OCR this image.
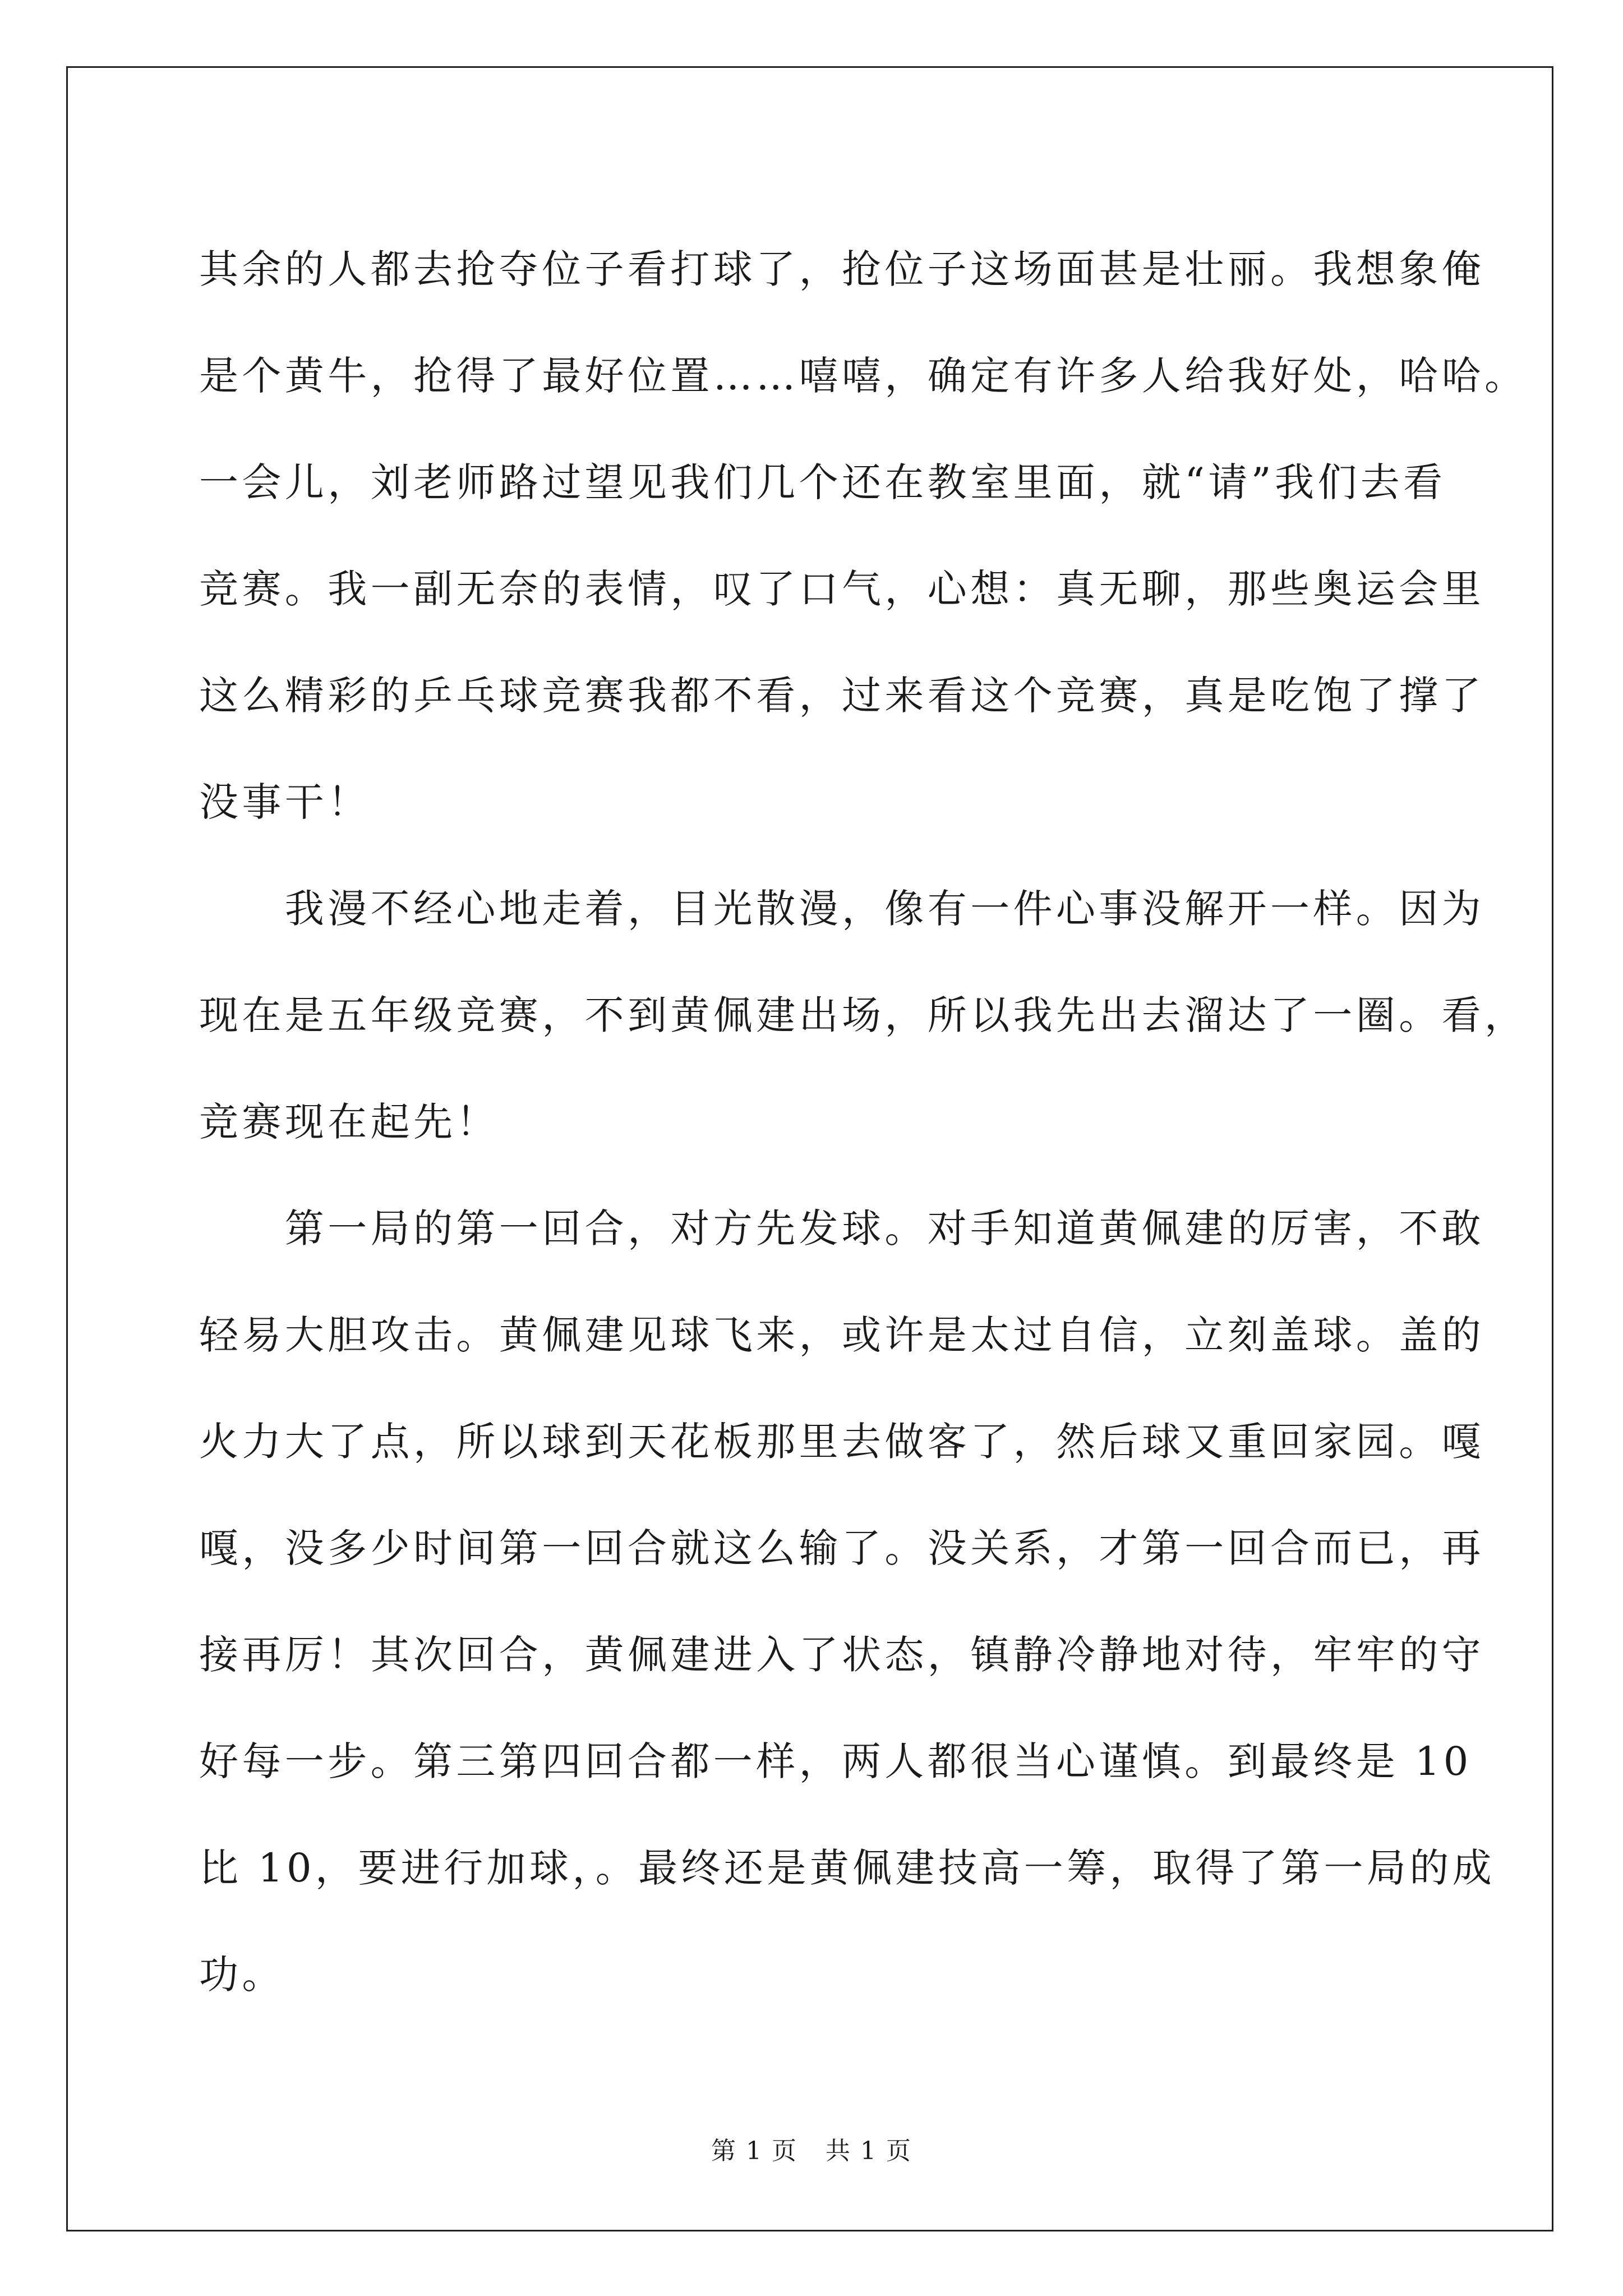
其余的人都去抢夺位子看打球了，抢位子这场面甚是壮丽。我想象俺
是个黄牛，抢得了最好位置……嘻嘻，确定有许多人给我好处，哈哈。
一会儿，刘老师路过望见我们几个还在教室里面，就“请”我们去看
竞赛。我一副无奈的表情，叹了口气，心想：真无聊，那些奥运会里
这么精彩的乒乓球竞赛我都不看，过来看这个竞赛，真是吃饱了撑了
没事干！

　　我漫不经心地走着，目光散漫，像有一件心事没解开一样。因为
现在是五年级竞赛，不到黄佩建出场，所以我先出去溜达了一圈。看，
竞赛现在起先！

　　第一局的第一回合，对方先发球。对手知道黄佩建的厉害，不敢
轻易大胆攻击。黄佩建见球飞来，或许是太过自信，立刻盖球。盖的
火力大了点，所以球到天花板那里去做客了，然后球又重回家园。嘎
嘎，没多少时间第一回合就这么输了。没关系，才第一回合而已，再
接再厉！其次回合，黄佩建进入了状态，镇静冷静地对待，牢牢的守
好每一步。第三第四回合都一样，两人都很当心谨慎。到最终是 10
比 10，要进行加球，。最终还是黄佩建技高一筹，取得了第一局的成
功。

第 1 页 共 1 页
